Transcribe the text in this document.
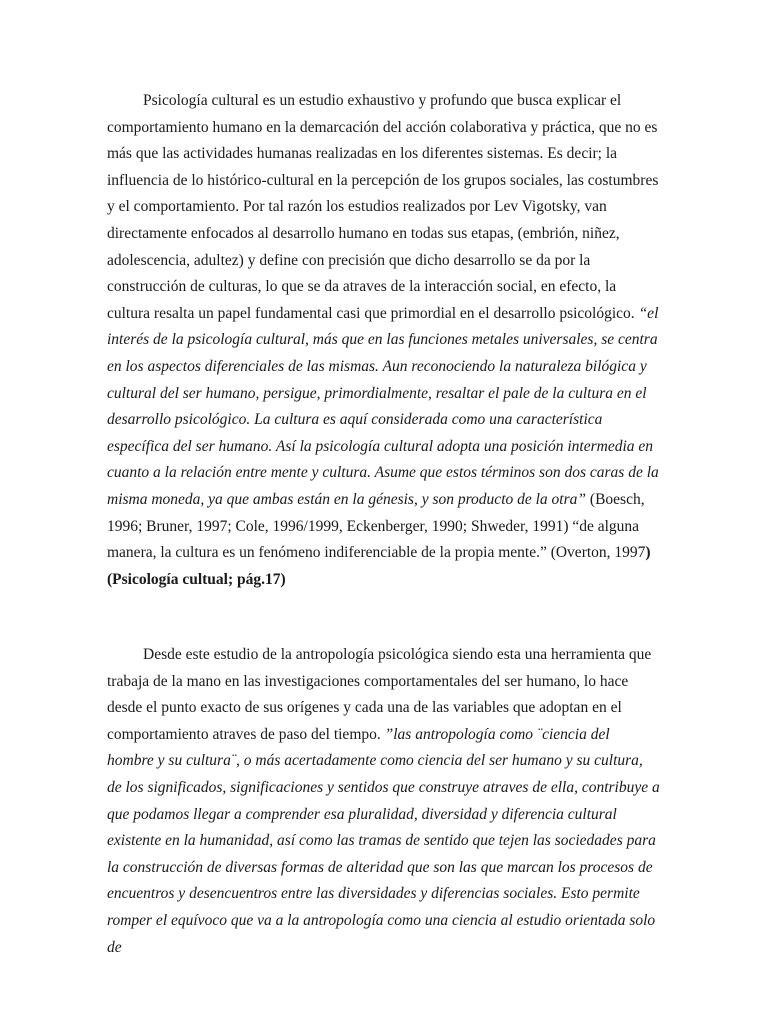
Psicología cultural es un estudio exhaustivo y profundo que busca explicar el comportamiento humano en la demarcación del acción colaborativa y práctica, que no es más que las actividades humanas realizadas en los diferentes sistemas. Es decir; la influencia de lo histórico-cultural en la percepción de los grupos sociales, las costumbres y el comportamiento. Por tal razón los estudios realizados por Lev Vigotsky, van directamente enfocados al desarrollo humano en todas sus etapas, (embrión, niñez, adolescencia, adultez) y define con precisión que dicho desarrollo se da por la construcción de culturas, lo que se da atraves de la interacción social, en efecto, la cultura resalta un papel fundamental casi que primordial en el desarrollo psicológico. “el interés de la psicología cultural, más que en las funciones metales universales, se centra en los aspectos diferenciales de las mismas. Aun reconociendo la naturaleza bilógica y cultural del ser humano, persigue, primordialmente, resaltar el pale de la cultura en el desarrollo psicológico. La cultura es aquí considerada como una característica específica del ser humano. Así la psicología cultural adopta una posición intermedia en cuanto a la relación entre mente y cultura. Asume que estos términos son dos caras de la misma moneda, ya que ambas están en la génesis, y son producto de la otra” (Boesch, 1996; Bruner, 1997; Cole, 1996/1999, Eckenberger, 1990; Shweder, 1991) “de alguna manera, la cultura es un fenómeno indiferenciable de la propia mente.” (Overton, 1997) (Psicología cultual; pág.17)

Desde este estudio de la antropología psicológica siendo esta una herramienta que trabaja de la mano en las investigaciones comportamentales del ser humano, lo hace desde el punto exacto de sus orígenes y cada una de las variables que adoptan en el comportamiento atraves de paso del tiempo. ”las antropología como ¨ciencia del hombre y su cultura¨, o más acertadamente como ciencia del ser humano y su cultura, de los significados, significaciones y sentidos que construye atraves de ella, contribuye a que podamos llegar a comprender esa pluralidad, diversidad y diferencia cultural existente en la humanidad, así como las tramas de sentido que tejen las sociedades para la construcción de diversas formas de alteridad que son las que marcan los procesos de encuentros y desencuentros entre las diversidades y diferencias sociales. Esto permite romper el equívoco que va a la antropología como una ciencia al estudio orientada solo de
